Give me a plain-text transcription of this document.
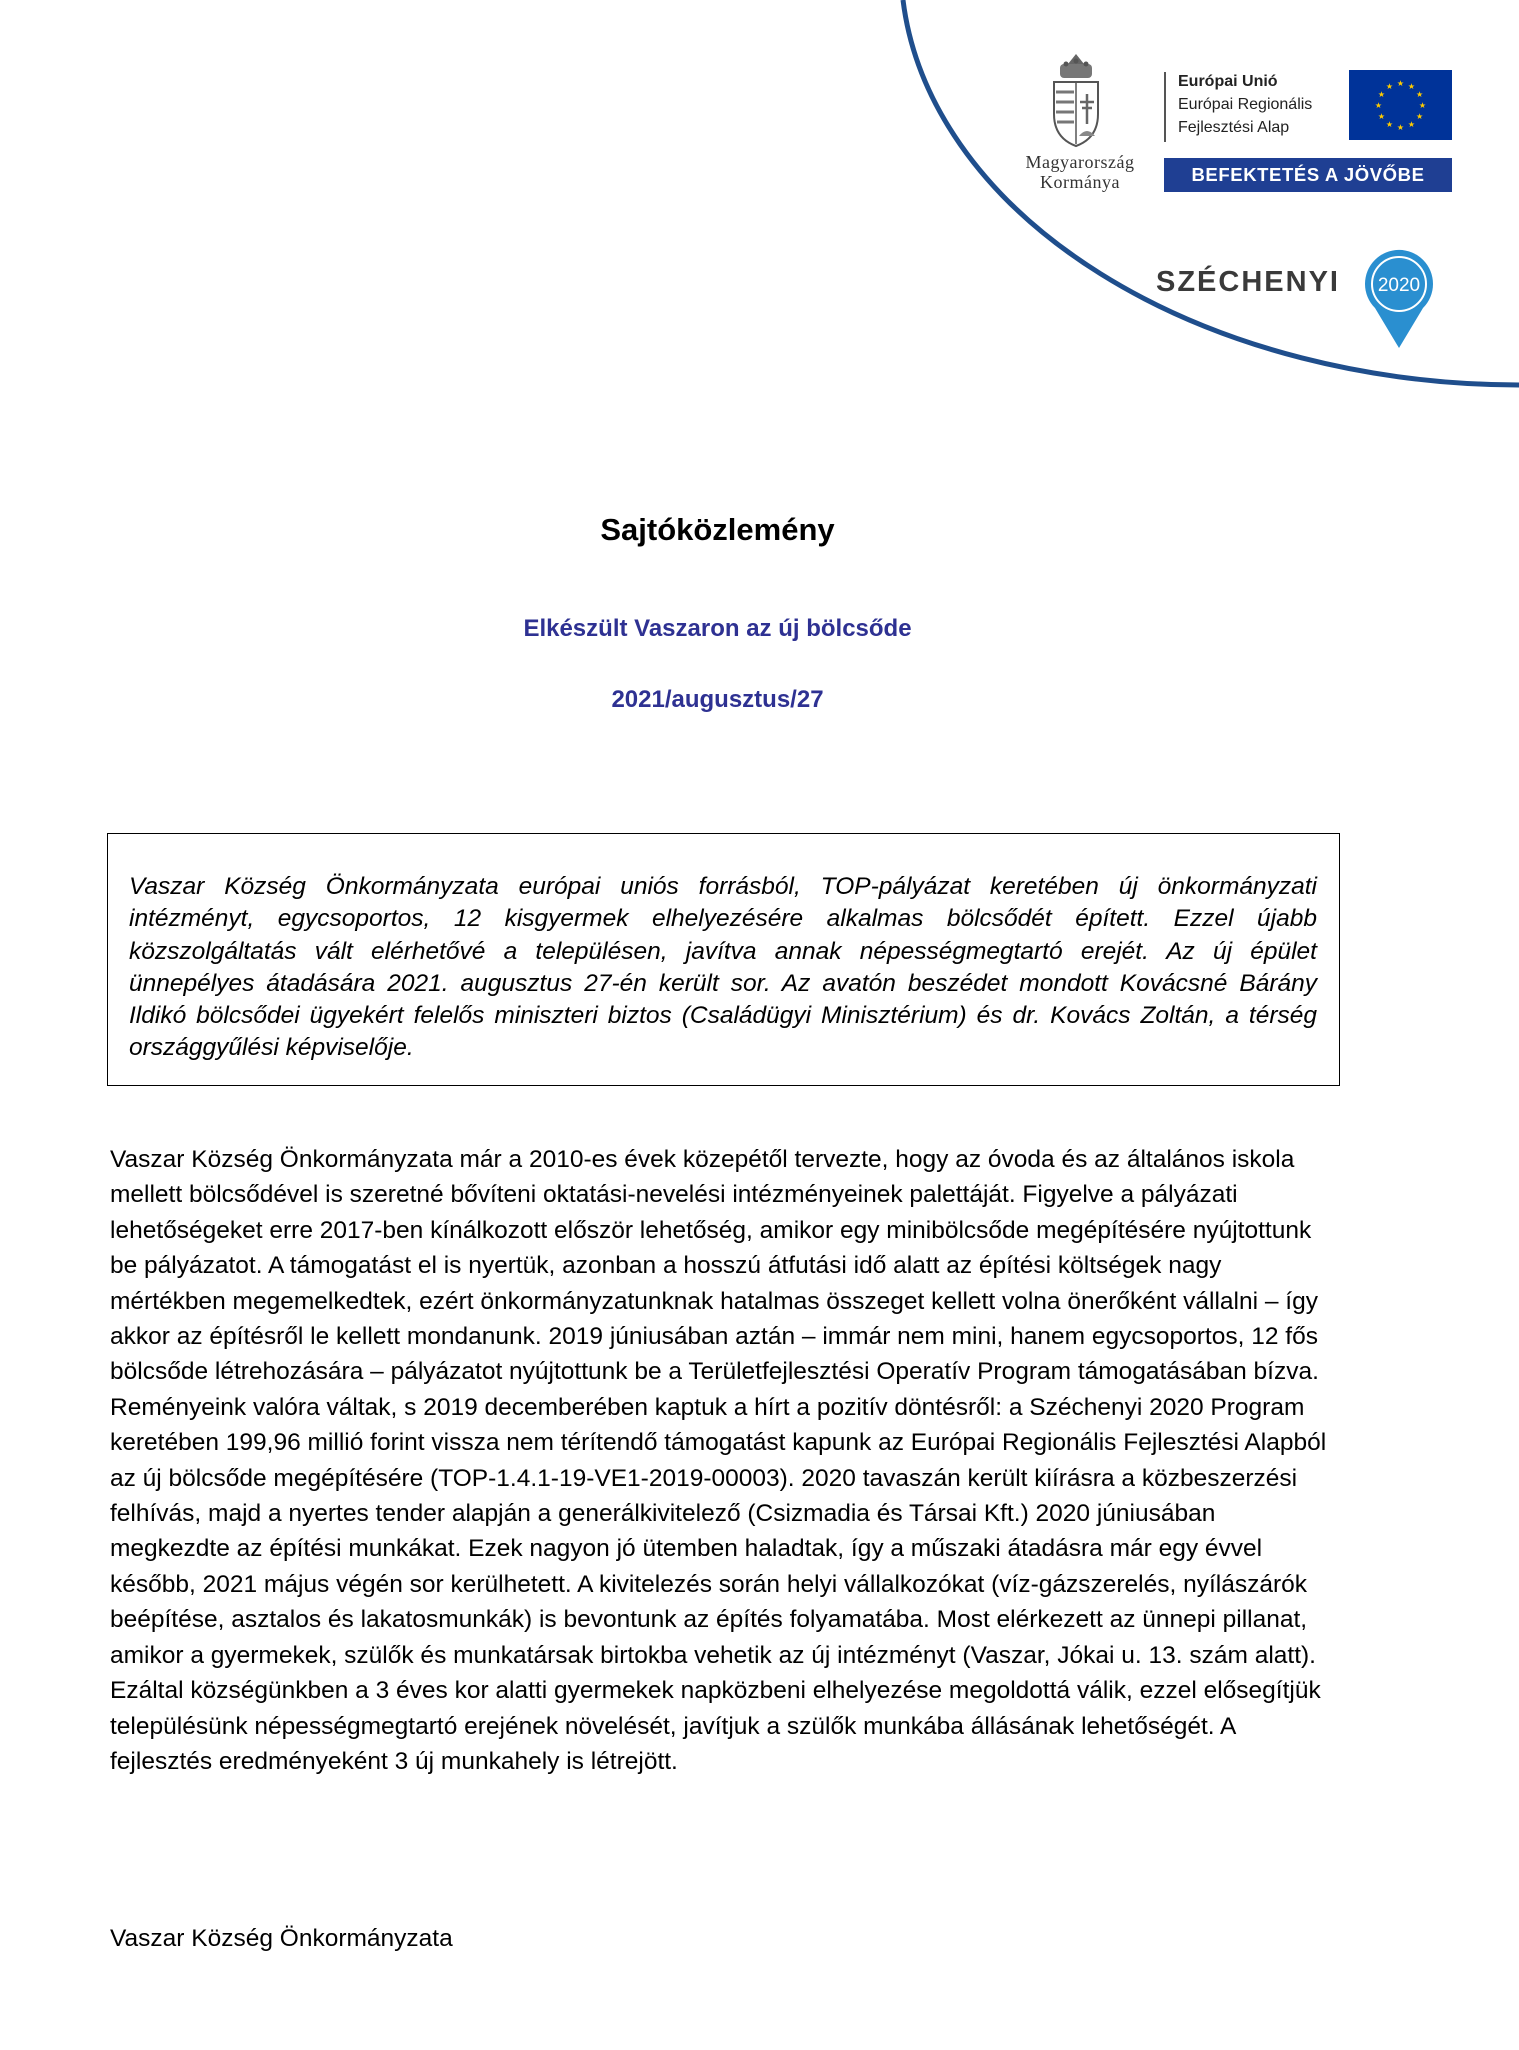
Magyarország
Kormánya
Európai Unió
Európai Regionális
Fejlesztési Alap
★ ★
★
★
★
★
★
★
★
★
★
★
BEFEKTETÉS A JÖVŐBE
SZÉCHENYI 2020
Sajtóközlemény
Elkészült Vaszaron az új bölcsőde
2021/augusztus/27
Vaszar Község Önkormányzata európai uniós forrásból, TOP-pályázat keretében új önkormányzati intézményt, egycsoportos, 12 kisgyermek elhelyezésére alkalmas bölcsődét épített. Ezzel újabb közszolgáltatás vált elérhetővé a településen, javítva annak népességmegtartó erejét. Az új épület ünnepélyes átadására 2021. augusztus 27-én került sor. Az avatón beszédet mondott Kovácsné Bárány Ildikó bölcsődei ügyekért felelős miniszteri biztos (Családügyi Minisztérium) és dr. Kovács Zoltán, a térség országgyűlési képviselője.
Vaszar Község Önkormányzata már a 2010-es évek közepétől tervezte, hogy az óvoda és az általános iskola mellett bölcsődével is szeretné bővíteni oktatási-nevelési intézményeinek palettáját. Figyelve a pályázati lehetőségeket erre 2017-ben kínálkozott először lehetőség, amikor egy minibölcsőde megépítésére nyújtottunk be pályázatot. A támogatást el is nyertük, azonban a hosszú átfutási idő alatt az építési költségek nagy mértékben megemelkedtek, ezért önkormányzatunknak hatalmas összeget kellett volna önerőként vállalni – így akkor az építésről le kellett mondanunk. 2019 júniusában aztán – immár nem mini, hanem egycsoportos, 12 fős bölcsőde létrehozására – pályázatot nyújtottunk be a Területfejlesztési Operatív Program támogatásában bízva. Reményeink valóra váltak, s 2019 decemberében kaptuk a hírt a pozitív döntésről: a Széchenyi 2020 Program keretében 199,96 millió forint vissza nem térítendő támogatást kapunk az Európai Regionális Fejlesztési Alapból az új bölcsőde megépítésére (TOP-1.4.1-19-VE1-2019-00003). 2020 tavaszán került kiírásra a közbeszerzési felhívás, majd a nyertes tender alapján a generálkivitelező (Csizmadia és Társai Kft.) 2020 júniusában megkezdte az építési munkákat. Ezek nagyon jó ütemben haladtak, így a műszaki átadásra már egy évvel később, 2021 május végén sor kerülhetett. A kivitelezés során helyi vállalkozókat (víz-gázszerelés, nyílászárók beépítése, asztalos és lakatosmunkák) is bevontunk az építés folyamatába. Most elérkezett az ünnepi pillanat, amikor a gyermekek, szülők és munkatársak birtokba vehetik az új intézményt (Vaszar, Jókai u. 13. szám alatt). Ezáltal községünkben a 3 éves kor alatti gyermekek napközbeni elhelyezése megoldottá válik, ezzel elősegítjük településünk népességmegtartó erejének növelését, javítjuk a szülők munkába állásának lehetőségét. A fejlesztés eredményeként 3 új munkahely is létrejött.
Vaszar Község Önkormányzata
